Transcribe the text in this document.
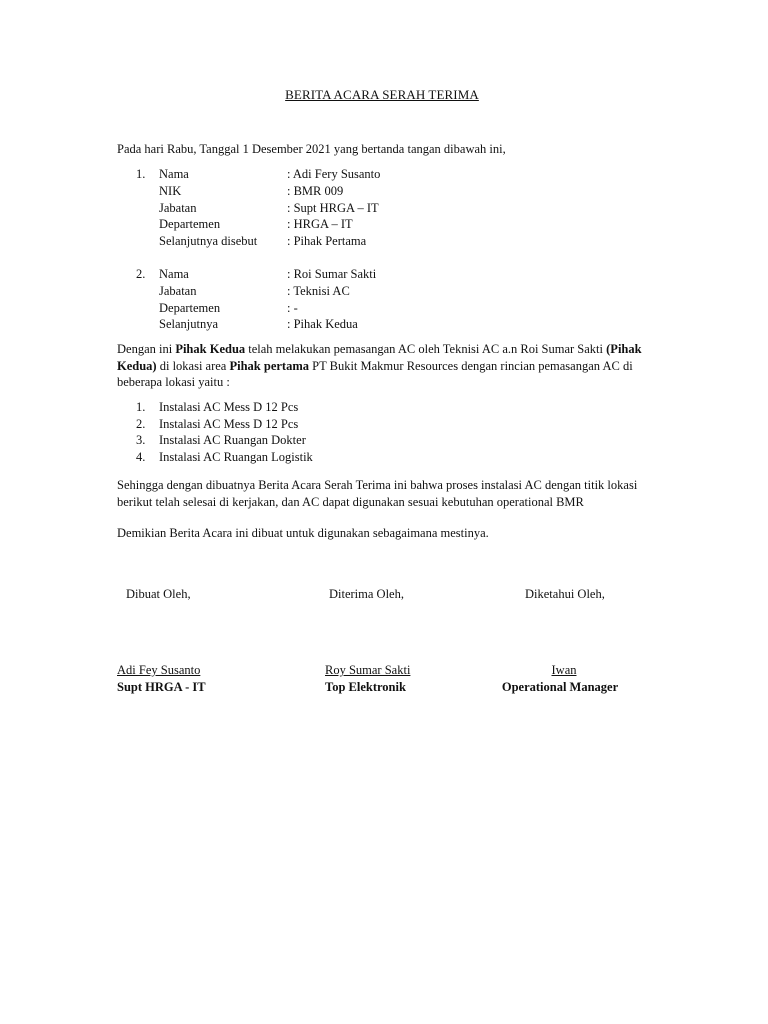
BERITA ACARA SERAH TERIMA
Pada hari Rabu, Tanggal 1 Desember 2021 yang bertanda tangan dibawah ini,
1. Nama	: Adi Fery Susanto
NIK	: BMR 009
Jabatan	: Supt HRGA – IT
Departemen	: HRGA – IT
Selanjutnya disebut : Pihak Pertama
2. Nama	: Roi Sumar Sakti
Jabatan	: Teknisi AC
Departemen	: -
Selanjutnya	: Pihak Kedua
Dengan ini Pihak Kedua telah melakukan pemasangan AC oleh Teknisi AC a.n Roi Sumar Sakti (Pihak Kedua) di lokasi area Pihak pertama PT Bukit Makmur Resources dengan rincian pemasangan AC di beberapa lokasi yaitu :
1. Instalasi AC Mess D 12 Pcs
2. Instalasi AC Mess D 12 Pcs
3. Instalasi AC Ruangan Dokter
4. Instalasi AC Ruangan Logistik
Sehingga dengan dibuatnya Berita Acara Serah Terima ini bahwa proses instalasi AC dengan titik lokasi berikut telah selesai di kerjakan, dan AC dapat digunakan sesuai kebutuhan operational BMR
Demikian Berita Acara ini dibuat untuk digunakan sebagaimana mestinya.
Dibuat Oleh,	Diterima Oleh,	Diketahui Oleh,
Adi Fey Susanto	Roy Sumar Sakti	Iwan
Supt HRGA - IT	Top Elektronik	Operational Manager
